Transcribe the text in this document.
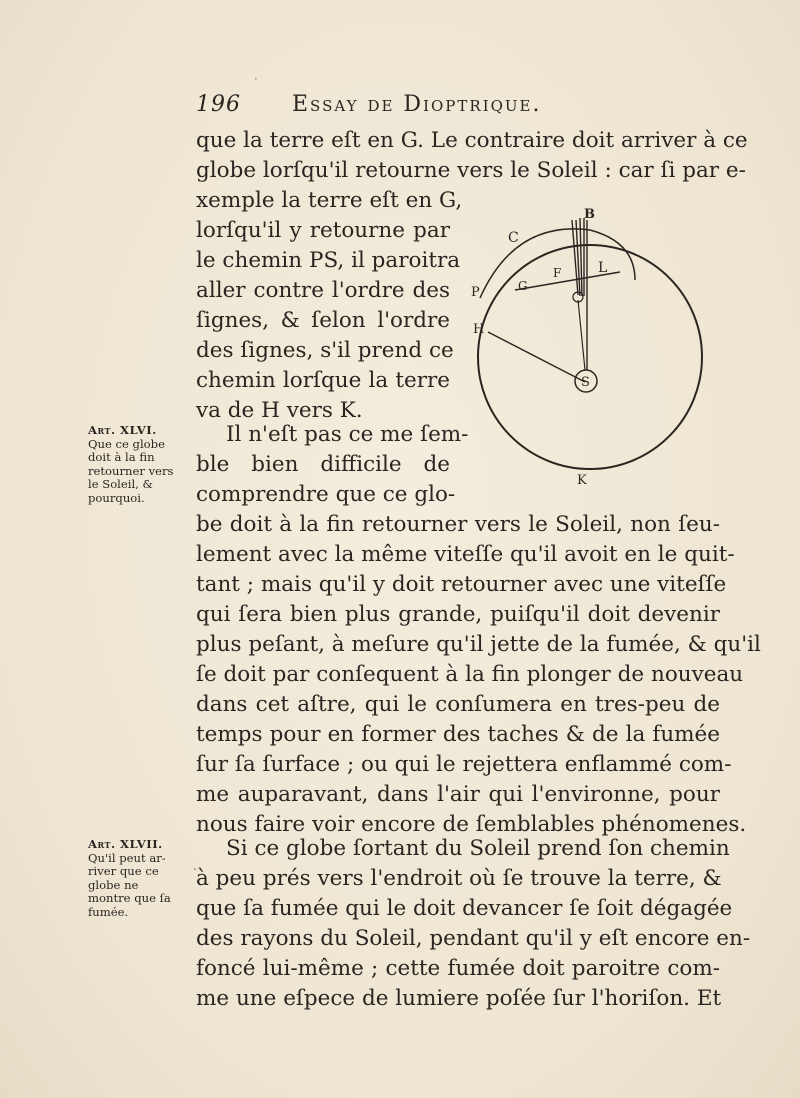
196 Essay de Dioptrique.
que la terre eſt en G. Le contraire doit arriver à ce
globe lorſqu'il retourne vers le Soleil : car ſi par e-
xemple la terre eſt en G,
lorſqu'il y retourne par
le chemin PS, il paroitra
aller contre l'ordre des
ſignes, & ſelon l'ordre
des ſignes, s'il prend ce
chemin lorſque la terre
va de H vers K.
Il n'eſt pas ce me ſem-
ble bien difficile de
comprendre que ce glo-
be doit à la fin retourner vers le Soleil, non ſeu-
lement avec la même viteſſe qu'il avoit en le quit-
tant ; mais qu'il y doit retourner avec une viteſſe
qui ſera bien plus grande, puiſqu'il doit devenir
plus peſant, à meſure qu'il jette de la fumée, & qu'il
ſe doit par conſequent à la fin plonger de nouveau
dans cet aſtre, qui le conſumera en tres-peu de
temps pour en former des taches & de la fumée
ſur ſa ſurface ; ou qui le rejettera enflammé com-
me auparavant, dans l'air qui l'environne, pour
nous faire voir encore de ſemblables phénomenes.
Si ce globe ſortant du Soleil prend ſon chemin
à peu prés vers l'endroit où ſe trouve la terre, &
que ſa fumée qui le doit devancer ſe ſoit dégagée
des rayons du Soleil, pendant qu'il y eſt encore en-
foncé lui-même ; cette fumée doit paroitre com-
me une eſpece de lumiere poſée ſur l'horiſon. Et
Art. XLVI.
Que ce globe
doit à la fin
retourner vers
le Soleil, &
pourquoi.
Art. XLVII.
Qu'il peut ar-
river que ce
globe ne
montre que ſa
fumée.
B
C
F	L
P	G
H
S
K
·
˛
